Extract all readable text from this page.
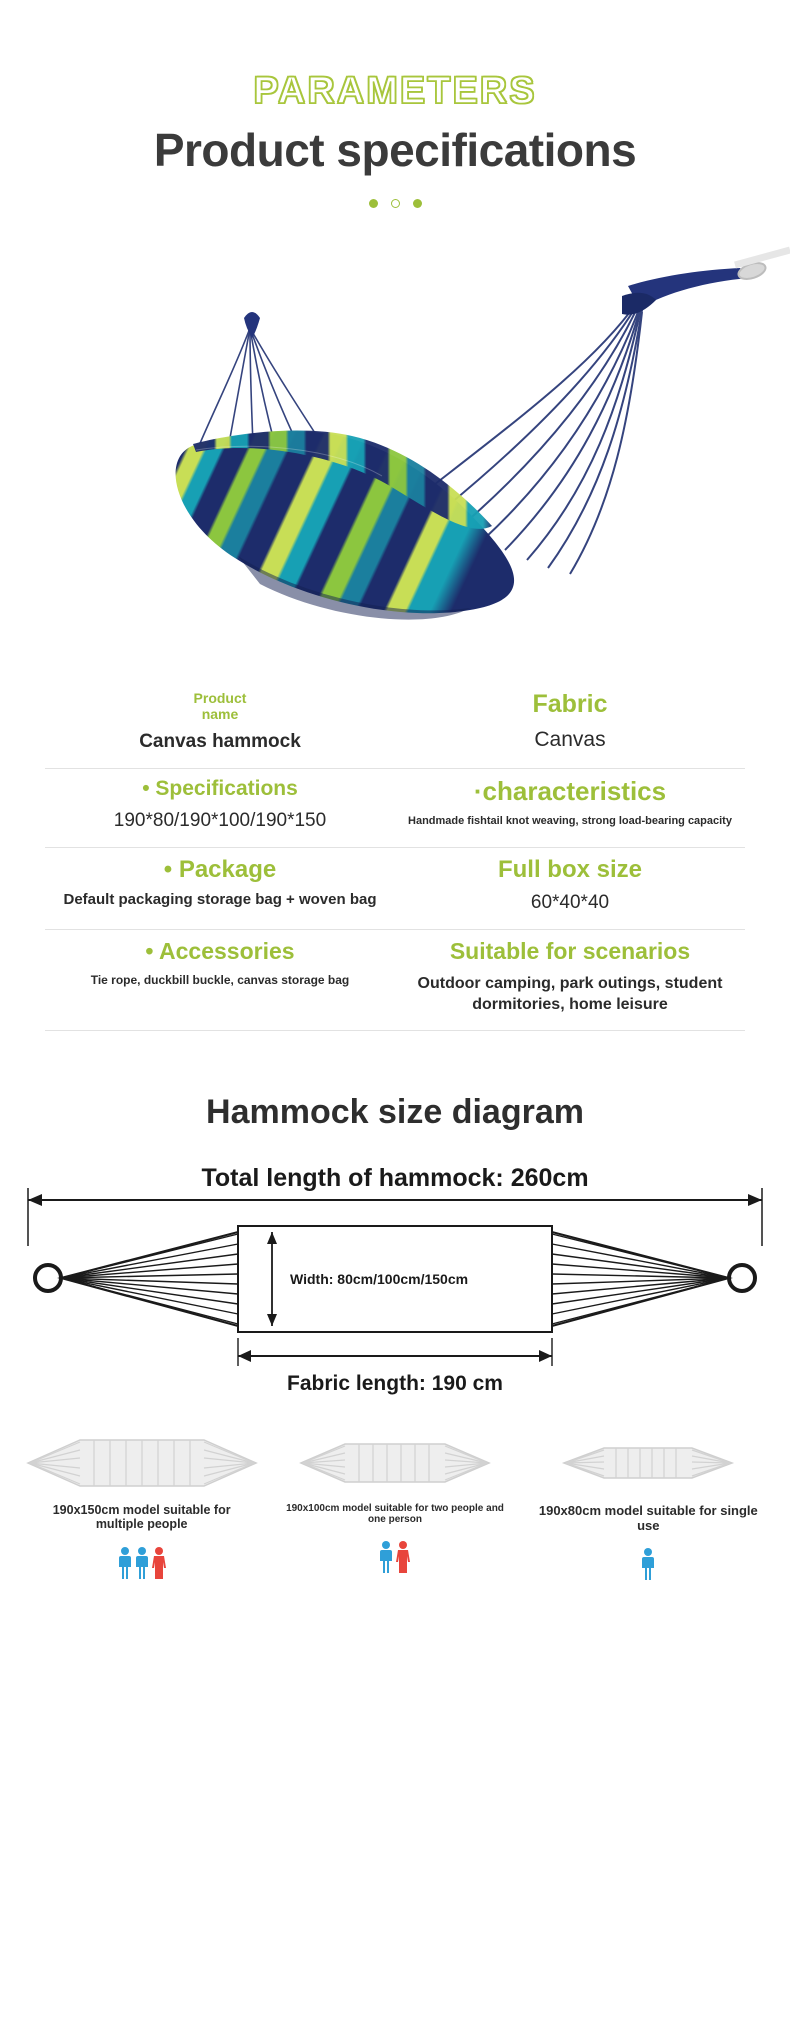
PARAMETERS
Product specifications
Product
name
Canvas hammock
Fabric
Canvas
• Specifications
190*80/190*100/190*150
·characteristics
Handmade fishtail knot weaving, strong load-bearing capacity
• Package
Default packaging storage bag + woven bag
Full box size
60*40*40
• Accessories
Tie rope, duckbill buckle, canvas storage bag
Suitable for scenarios
Outdoor camping, park outings, student dormitories, home leisure
Hammock size diagram
Total length of hammock: 260cm
Width: 80cm/100cm/150cm
Fabric length: 190 cm
190x150cm model suitable for multiple people
190x100cm model suitable for two people and one person
190x80cm model suitable for single use
